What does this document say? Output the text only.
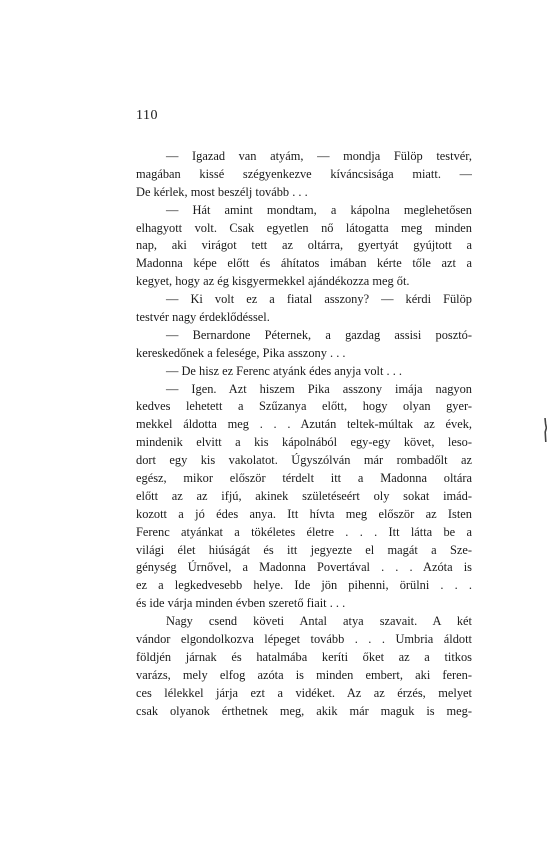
110
— Igazad van atyám, — mondja Fülöp testvér,
magában kissé szégyenkezve kíváncsisága miatt. —
De kérlek, most beszélj tovább . . .
— Hát amint mondtam, a kápolna meglehetősen
elhagyott volt. Csak egyetlen nő látogatta meg minden
nap, aki virágot tett az oltárra, gyertyát gyújtott a
Madonna képe előtt és áhítatos imában kérte tőle azt a
kegyet, hogy az ég kisgyermekkel ajándékozza meg őt.
— Ki volt ez a fiatal asszony? — kérdi Fülöp
testvér nagy érdeklődéssel.
— Bernardone Péternek, a gazdag assisi posztó-
kereskedőnek a felesége, Pika asszony . . .
— De hisz ez Ferenc atyánk édes anyja volt . . .
— Igen. Azt hiszem Pika asszony imája nagyon
kedves lehetett a Szűzanya előtt, hogy olyan gyer-
mekkel áldotta meg . . . Azután teltek-múltak az évek,
mindenik elvitt a kis kápolnából egy-egy követ, leso-
dort egy kis vakolatot. Úgyszólván már rombadőlt az
egész, mikor először térdelt itt a Madonna oltára
előtt az az ifjú, akinek születéseért oly sokat imád-
kozott a jó édes anya. Itt hívta meg először az Isten
Ferenc atyánkat a tökéletes életre . . . Itt látta be a
világi élet hiúságát és itt jegyezte el magát a Sze-
génység Úrnővel, a Madonna Povertával . . . Azóta is
ez a legkedvesebb helye. Ide jön pihenni, örülni . . .
és ide várja minden évben szerető fiait . . .
Nagy csend követi Antal atya szavait. A két
vándor elgondolkozva lépeget tovább . . . Umbria áldott
földjén járnak és hatalmába keríti őket az a titkos
varázs, mely elfog azóta is minden embert, aki feren-
ces lélekkel járja ezt a vidéket. Az az érzés, melyet
csak olyanok érthetnek meg, akik már maguk is meg-
